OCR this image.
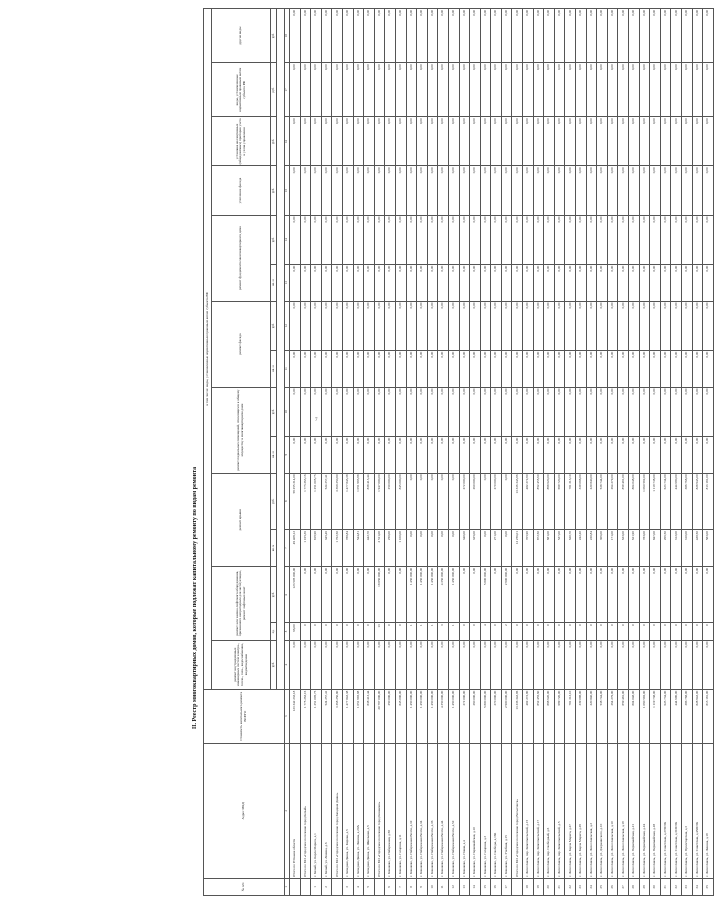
7
II. Реестр многоквартирных домов, которые подлежат капитальному ремонту по видам ремонта
№ п/п	Адрес МКД	Стоимость капитального ремонта ВСЕГО	в том числе: виды, установленные нормативным правовым актом субъекта РФ														
			ремонт внутридомовых инженерных систем электро-, тепло-, газо-, водоснабжения, водоотведения	ремонт или замена лифтового оборудования, признанного непригодным для эксплуатации, ремонт лифтовых шахт		ремонт крыши		ремонт подвальных помещений, относящихся к общему имуществу в многоквартирном доме		ремонт фасада		ремонт фундамента многоквартирного дома		утепление фасада	установка коллективных (общедомовых) приборов учета и узлов управления	виды, установленные нормативным правовым актом субъекта РФ	другие виды
			руб.	ед.	руб.	кв. м	руб.	кв. м	руб.	кв. м	руб.	кв. м	руб.	руб.	руб.	руб.	руб.

1	2	3	4	5	6	7	8	9	10	11	12	13	14	15	16	17	18
	Итого по Устюжне области	123 342 233,18	0,00	66,00	123 505 000,00	49 409,12	59 255 314,00	0,00	0,00	0,00	0,00	0,00	0,00	0,00	0,00	0,00	0,00
	Итого по МО «Городское поселение город Белый»	1 775 263,16	0,00	0	0,00	1 165,36	1 775 263,16	0,00	0,00	0,00	0,00	0,00	0,00	0,00	0,00	0,00	0,00
1	г. Белый, ул. Карла Маркса, д.1	1 251 005,75	0,00	0	0,00	819,90	1 251 005,75	0,00	0,00	0,00	0,00	0,00	0,00	0,00	0,00	0,00	0,00
2	г. Белый, ул. Ленина, д.6	524 257,41	0,00	0	0,00	345,46	524 257,41	0,00	0,00	0,00	0,00	0,00	0,00	0,00	0,00	0,00	0,00
	Итого по МО «Городское поселение город Западная Двина»	3 368 250,80	0,00	0	0,00	1 762,50	3 368 250,80	0,00	0,00	0,00	0,00	0,00	0,00	0,00	0,00	0,00	0,00
3	г. Западная Двина, ул. Кирова, д.5	1 477 843,38	0,00	0	0,00	788,84	1 477 843,38	0,00	0,00	0,00	0,00	0,00	0,00	0,00	0,00	0,00	0,00
4	г. Западная Двина, ул. Ленина, д.20А	1 051 993,98	0,00	0	0,00	544,81	1 051 993,98	0,00	0,00	0,00	0,00	0,00	0,00	0,00	0,00	0,00	0,00
5	г. Западная Двина, ул. Школьная, д.5	838 413,44	0,00	0	0,00	442,70	838 413,44	0,00	0,00	0,00	0,00	0,00	0,00	0,00	0,00	0,00	0,00
	Итого по МО «Городское поселение город Конаково»	20 797 000,00	0,00	13	18 850 000,00	2 511,00	1 947 000,00	0,00	0,00	0,00	0,00	0,00	0,00	0,00	0,00	0,00	0,00
6	г. Конаково, ул. Набережная, д.58	250 000,00	0,00	0	0,00	250,00	250 000,00	0,00	0,00	0,00	0,00	0,00	0,00	0,00	0,00	0,00	0,00
7	г. Конаково, ул. Гагарина, д.11	845 000,00	0,00	0	0,00	1 100,00	845 000,00	0,00	0,00	0,00	0,00	0,00	0,00	0,00	0,00	0,00	0,00
8	г. Конаково, ул. Набережная Волги, д.32	1 450 000,00	0,00	1	1 450 000,00	0,00	0,00	0,00	0,00	0,00	0,00	0,00	0,00	0,00	0,00	0,00	0,00
9	г. Конаково, ул. Набережная Волги, д.34	1 450 000,00	0,00	1	1 450 000,00	0,00	0,00	0,00	0,00	0,00	0,00	0,00	0,00	0,00	0,00	0,00	0,00
10	г. Конаково, ул. Набережная Волги, д.36	1 450 000,00	0,00	1	1 450 000,00	0,00	0,00	0,00	0,00	0,00	0,00	0,00	0,00	0,00	0,00	0,00	0,00
11	г. Конаково, ул. Набережная Волги, д.44	4 350 000,00	0,00	3	4 350 000,00	0,00	0,00	0,00	0,00	0,00	0,00	0,00	0,00	0,00	0,00	0,00	0,00
12	г. Конаково, ул. Набережная Волги, д.52	1 450 000,00	0,00	1	1 450 000,00	0,00	0,00	0,00	0,00	0,00	0,00	0,00	0,00	0,00	0,00	0,00	0,00
13	г. Конаково, ул. Новая, д.4	272 000,00	0,00	0	0,00	340,00	272 000,00	0,00	0,00	0,00	0,00	0,00	0,00	0,00	0,00	0,00	0,00
14	г. Конаково, ул. Первомайская, д.10	260 000,00	0,00	0	0,00	325,00	260 000,00	0,00	0,00	0,00	0,00	0,00	0,00	0,00	0,00	0,00	0,00
15	г. Конаково, ул. Гагарина, д.3	5 800 000,00	0,00	4	5 800 000,00	0,00	0,00	0,00	0,00	0,00	0,00	0,00	0,00	0,00	0,00	0,00	0,00
16	г. Конаково, ул. Свободы, д.16Б	270 000,00	0,00	0	0,00	271,00	270 000,00	0,00	0,00	0,00	0,00	0,00	0,00	0,00	0,00	0,00	0,00
17	г. Конаково, ул. Учебная, д.15	2 900 000,00	0,00	2	2 900 000,00	0,00	0,00	0,00	0,00	0,00	0,00	0,00	0,00	0,00	0,00	0,00	0,00
	Итого по МО «Городское поселение город Весьегонск»	13 336 343,96	0,00	0	0,00	12 256,01	13 336 343,96	0,00	0,00	0,00	0,00	0,00	0,00	0,00	0,00	0,00	0,00
18	г. Лихославль, пер. Комсомольский, д.15	482 272,90	0,00	0	0,00	705,90	482 272,90	0,00	0,00	0,00	0,00	0,00	0,00	0,00	0,00	0,00	0,00
19	г. Лихославль, пер. Комсомольский, д.17	852 455,60	0,00	0	0,00	872,50	852 455,60	0,00	0,00	0,00	0,00	0,00	0,00	0,00	0,00	0,00	0,00
20	г. Лихославль, пер. Свободный, д.6	898 620,00	0,00	0	0,00	681,00	898 620,00	0,00	0,00	0,00	0,00	0,00	0,00	0,00	0,00	0,00	0,00
21	г. Лихославль, пер. Комсомольский, д.5	699 720,00	0,00	0	0,00	537,00	699 720,00	0,00	0,00	0,00	0,00	0,00	0,00	0,00	0,00	0,00	0,00
22	г. Лихославль, ул. Карла Маркса, д.27	781 313,10	0,00	0	0,00	620,70	781 313,10	0,00	0,00	0,00	0,00	0,00	0,00	0,00	0,00	0,00	0,00
23	г. Лихославль, ул. Карла Маркса, д.29	339 098,00	0,00	0	0,00	242,20	339 098,00	0,00	0,00	0,00	0,00	0,00	0,00	0,00	0,00	0,00	0,00
24	г. Лихославль, ул. Лихославльская, д.2	220 840,00	0,00	0	0,00	220,84	220 840,00	0,00	0,00	0,00	0,00	0,00	0,00	0,00	0,00	0,00	0,00
25	г. Лихославль, ул. Дзержинского, д.10	538 744,00	0,00	0	0,00	366,00	538 744,00	0,00	0,00	0,00	0,00	0,00	0,00	0,00	0,00	0,00	0,00
26	г. Лихославль, ул. Лихославльская, д.10	264 279,00	0,00	0	0,00	171,00	264 279,00	0,00	0,00	0,00	0,00	0,00	0,00	0,00	0,00	0,00	0,00
27	г. Лихославль, ул. Лихославльская, д.19	859 481,00	0,00	0	0,00	633,00	859 481,00	0,00	0,00	0,00	0,00	0,00	0,00	0,00	0,00	0,00	0,00
28	г. Лихославль, ул. Первомайская, д.21	804 048,00	0,00	0	0,00	621,90	804 048,00	0,00	0,00	0,00	0,00	0,00	0,00	0,00	0,00	0,00	0,00
29	г. Лихославль, ул. Первомайская, д.24	1 060 592,00	0,00	0	0,00	783,00	1 060 592,00	0,00	0,00	0,00	0,00	0,00	0,00	0,00	0,00	0,00	0,00
30	г. Лихославль, ул. Первомайская, д.28	1 119 738,00	0,00	0	0,00	847,00	1 119 738,00	0,00	0,00	0,00	0,00	0,00	0,00	0,00	0,00	0,00	0,00
31	г. Лихославль, ул. Советская, д.27МПК	623 734,00	0,00	0	0,00	266,50	623 734,00	0,00	0,00	0,00	0,00	0,00	0,00	0,00	0,00	0,00	0,00
32	г. Лихославль, ул. Советская, д.31МПК	444 690,00	0,00	0	0,00	312,00	444 690,00	0,00	0,00	0,00	0,00	0,00	0,00	0,00	0,00	0,00	0,00
33	г. Лихославль, ул. Пролетарская, д.3	386 768,00	0,00	0	0,00	310,00	386 768,00	0,00	0,00	0,00	0,00	0,00	0,00	0,00	0,00	0,00	0,00
34	г. Лихославль, ул. Советская, д.45МПК	828 943,00	0,00	0	0,00	438,50	828 943,00	0,00	0,00	0,00	0,00	0,00	0,00	0,00	0,00	0,00	0,00
35	г. Лихославль, ул. Ленина, д.19	813 181,00	0,00	0	0,00	583,00	813 181,00	0,00	0,00	0,00	0,00	0,00	0,00	0,00	0,00	0,00	0,00
